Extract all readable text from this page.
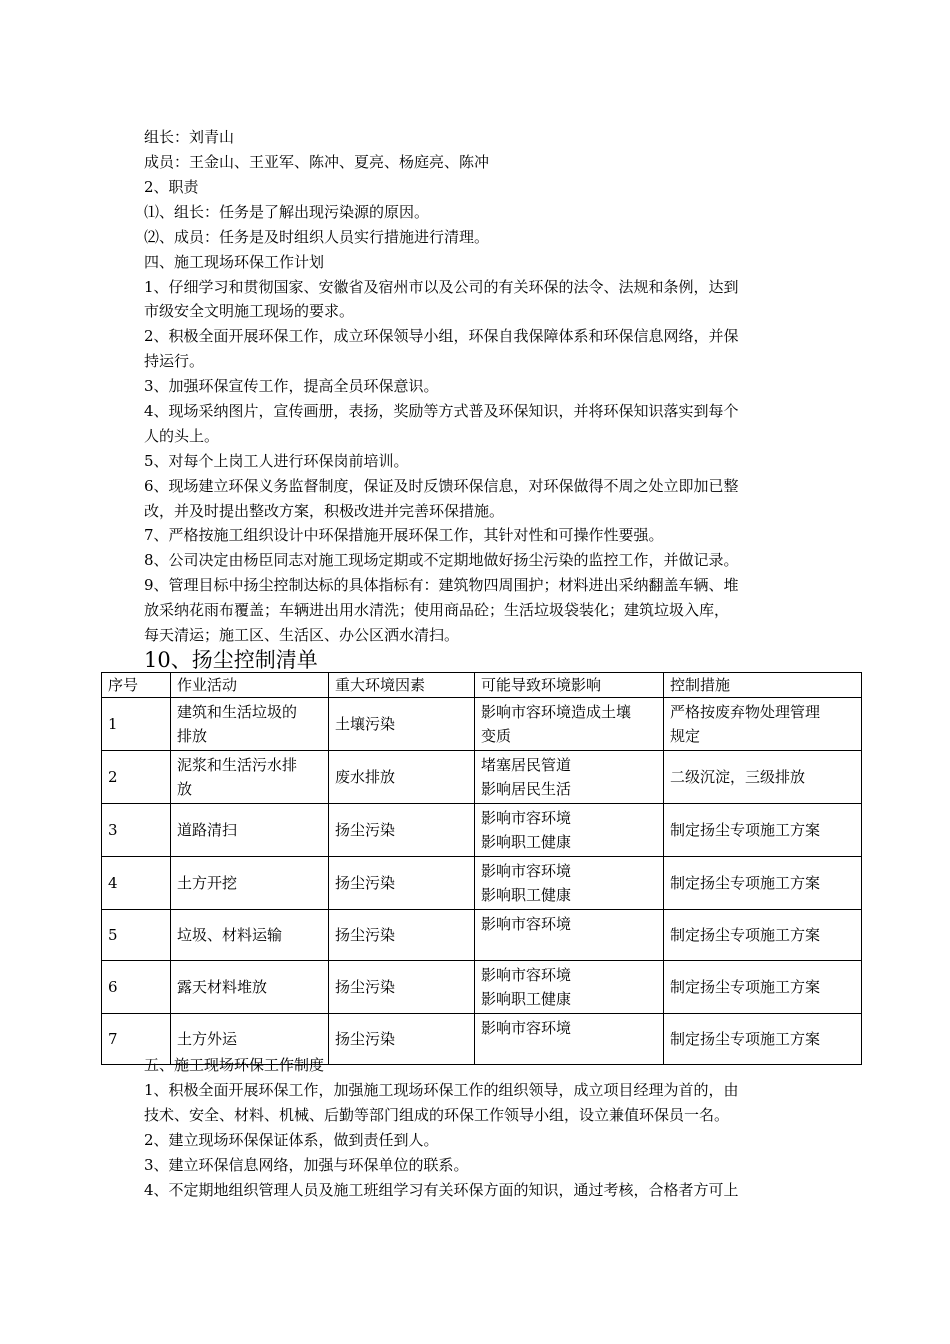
组长：刘青山
成员：王金山、王亚军、陈冲、夏亮、杨庭亮、陈冲
2、职责
⑴、组长：任务是了解出现污染源的原因。
⑵、成员：任务是及时组织人员实行措施进行清理。
四、施工现场环保工作计划
1、仔细学习和贯彻国家、安徽省及宿州市以及公司的有关环保的法令、法规和条例，达到
市级安全文明施工现场的要求。
2、积极全面开展环保工作，成立环保领导小组，环保自我保障体系和环保信息网络，并保
持运行。
3、加强环保宣传工作，提高全员环保意识。
4、现场采纳图片，宣传画册，表扬，奖励等方式普及环保知识，并将环保知识落实到每个
人的头上。
5、对每个上岗工人进行环保岗前培训。
6、现场建立环保义务监督制度，保证及时反馈环保信息，对环保做得不周之处立即加已整
改，并及时提出整改方案，积极改进并完善环保措施。
7、严格按施工组织设计中环保措施开展环保工作，其针对性和可操作性要强。
8、公司决定由杨臣同志对施工现场定期或不定期地做好扬尘污染的监控工作，并做记录。
9、管理目标中扬尘控制达标的具体指标有：建筑物四周围护；材料进出采纳翻盖车辆、堆
放采纳花雨布覆盖；车辆进出用水清洗；使用商品砼；生活垃圾袋装化；建筑垃圾入库，
每天清运；施工区、生活区、办公区洒水清扫。
10、扬尘控制清单
序号	作业活动	重大环境因素	可能导致环境影响	控制措施
1	建筑和生活垃圾的
排放	土壤污染	影响市容环境造成土壤
变质	严格按废弃物处理管理
规定

2	泥浆和生活污水排
放	废水排放	堵塞居民管道
影响居民生活	二级沉淀，三级排放

3	道路清扫	扬尘污染	影响市容环境
影响职工健康	制定扬尘专项施工方案

4	土方开挖	扬尘污染	影响市容环境
影响职工健康	制定扬尘专项施工方案

5	垃圾、材料运输	扬尘污染	影响市容环境	制定扬尘专项施工方案

6	露天材料堆放	扬尘污染	影响市容环境
影响职工健康	制定扬尘专项施工方案

7	土方外运	扬尘污染	影响市容环境	制定扬尘专项施工方案
五、施工现场环保工作制度
1、积极全面开展环保工作，加强施工现场环保工作的组织领导，成立项目经理为首的，由
技术、安全、材料、机械、后勤等部门组成的环保工作领导小组，设立兼值环保员一名。
2、建立现场环保保证体系，做到责任到人。
3、建立环保信息网络，加强与环保单位的联系。
4、不定期地组织管理人员及施工班组学习有关环保方面的知识，通过考核，合格者方可上
